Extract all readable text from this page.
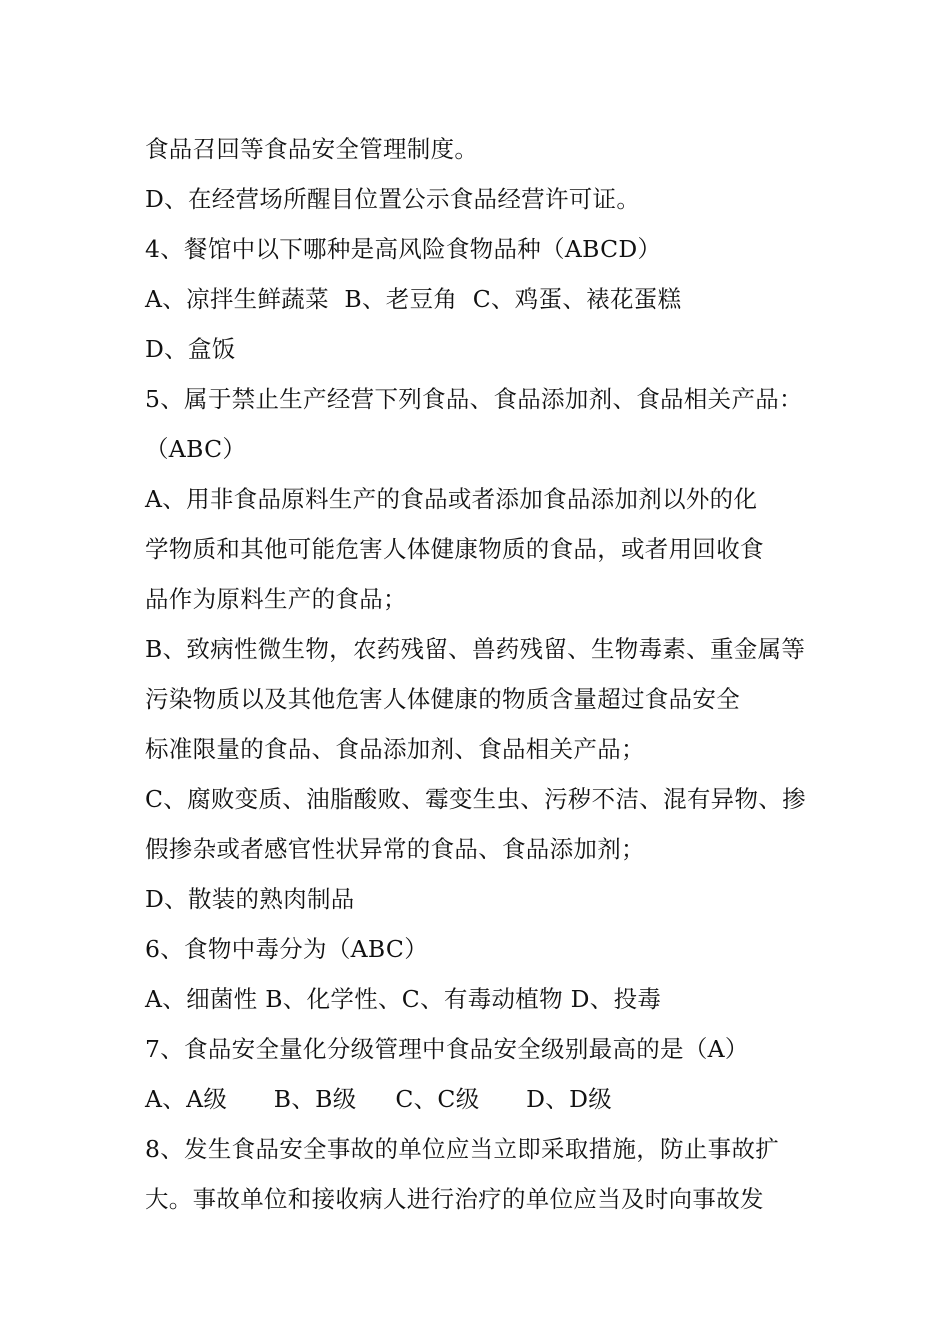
食品召回等食品安全管理制度。
D、在经营场所醒目位置公示食品经营许可证。
4、餐馆中以下哪种是高风险食物品种（ABCD）
A、凉拌生鲜蔬菜  B、老豆角  C、鸡蛋、裱花蛋糕
D、盒饭
5、属于禁止生产经营下列食品、食品添加剂、食品相关产品：
（ABC）
A、用非食品原料生产的食品或者添加食品添加剂以外的化
学物质和其他可能危害人体健康物质的食品，或者用回收食
品作为原料生产的食品；
B、致病性微生物，农药残留、兽药残留、生物毒素、重金属等
污染物质以及其他危害人体健康的物质含量超过食品安全
标准限量的食品、食品添加剂、食品相关产品；
C、腐败变质、油脂酸败、霉变生虫、污秽不洁、混有异物、掺
假掺杂或者感官性状异常的食品、食品添加剂；
D、散装的熟肉制品
6、食物中毒分为（ABC）
A、细菌性 B、化学性、C、有毒动植物 D、投毒
7、食品安全量化分级管理中食品安全级别最高的是（A）
A、A级      B、B级     C、C级      D、D级
8、发生食品安全事故的单位应当立即采取措施，防止事故扩
大。事故单位和接收病人进行治疗的单位应当及时向事故发
